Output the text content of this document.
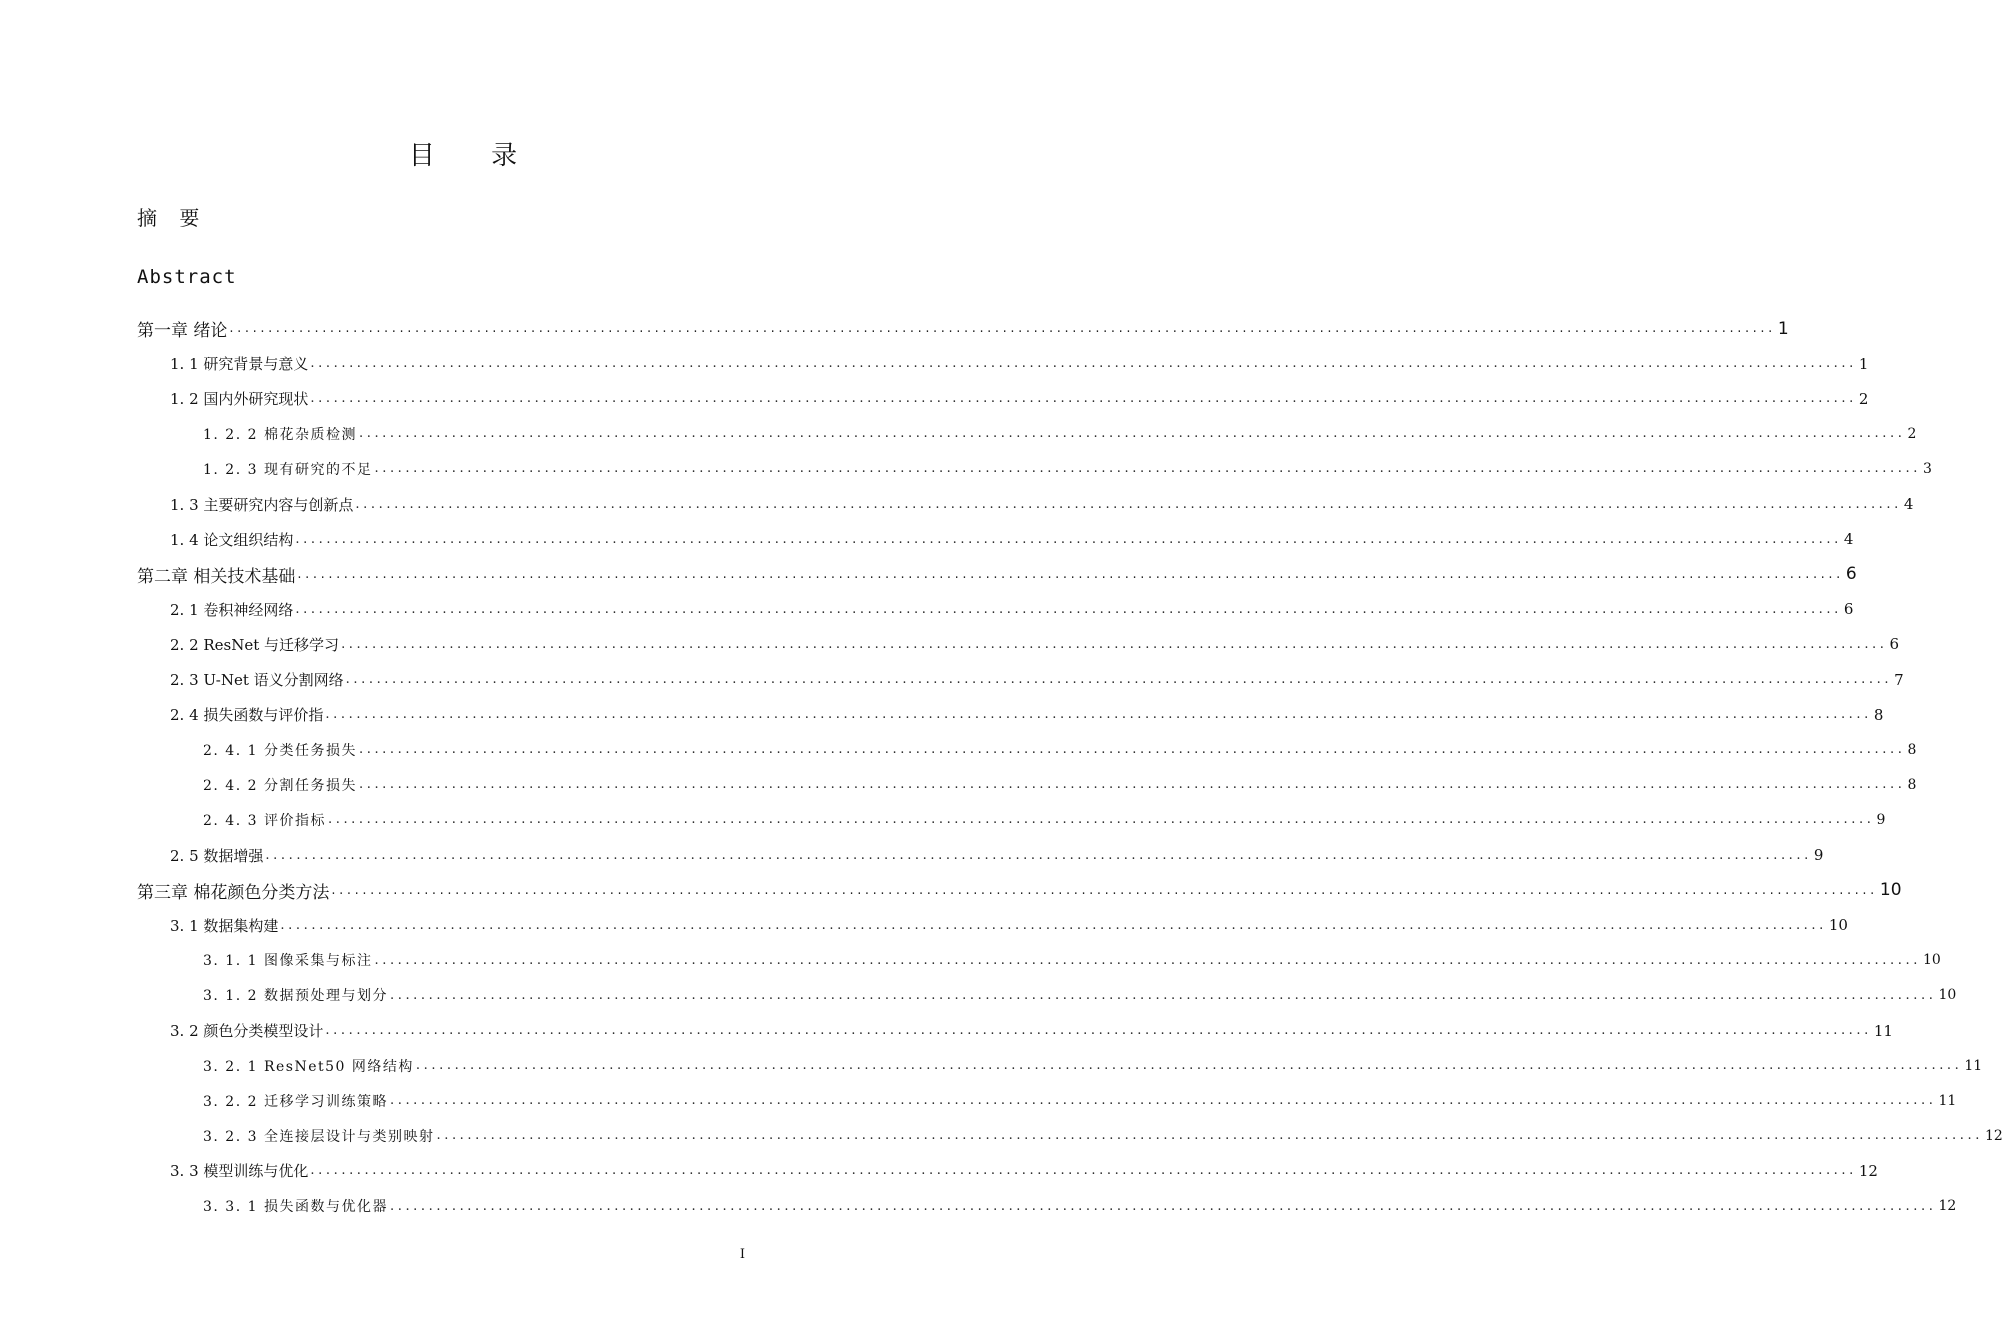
目 录
摘 要
Abstract
第一章 绪论 ........................................................................................................................................................................................................ 1
1. 1 研究背景与意义 ........................................................................................................................................................................................................ 1
1. 2 国内外研究现状 ........................................................................................................................................................................................................ 2
1. 2. 2 棉花杂质检测 ........................................................................................................................................................................................................ 2
1. 2. 3 现有研究的不足 ........................................................................................................................................................................................................ 3
1. 3 主要研究内容与创新点 ........................................................................................................................................................................................................ 4
1. 4 论文组织结构 ........................................................................................................................................................................................................ 4
第二章 相关技术基础 ........................................................................................................................................................................................................ 6
2. 1 卷积神经网络 ........................................................................................................................................................................................................ 6
2. 2 ResNet 与迁移学习 ........................................................................................................................................................................................................ 6
2. 3 U-Net 语义分割网络 ........................................................................................................................................................................................................ 7
2. 4 损失函数与评价指 ........................................................................................................................................................................................................ 8
2. 4. 1 分类任务损失 ........................................................................................................................................................................................................ 8
2. 4. 2 分割任务损失 ........................................................................................................................................................................................................ 8
2. 4. 3 评价指标 ........................................................................................................................................................................................................ 9
2. 5 数据增强 ........................................................................................................................................................................................................ 9
第三章 棉花颜色分类方法 ........................................................................................................................................................................................................ 10
3. 1 数据集构建 ........................................................................................................................................................................................................ 10
3. 1. 1 图像采集与标注 ........................................................................................................................................................................................................ 10
3. 1. 2 数据预处理与划分 ........................................................................................................................................................................................................ 10
3. 2 颜色分类模型设计 ........................................................................................................................................................................................................ 11
3. 2. 1 ResNet50 网络结构 ........................................................................................................................................................................................................ 11
3. 2. 2 迁移学习训练策略 ........................................................................................................................................................................................................ 11
3. 2. 3 全连接层设计与类别映射 ........................................................................................................................................................................................................ 12
3. 3 模型训练与优化 ........................................................................................................................................................................................................ 12
3. 3. 1 损失函数与优化器 ........................................................................................................................................................................................................ 12
I
